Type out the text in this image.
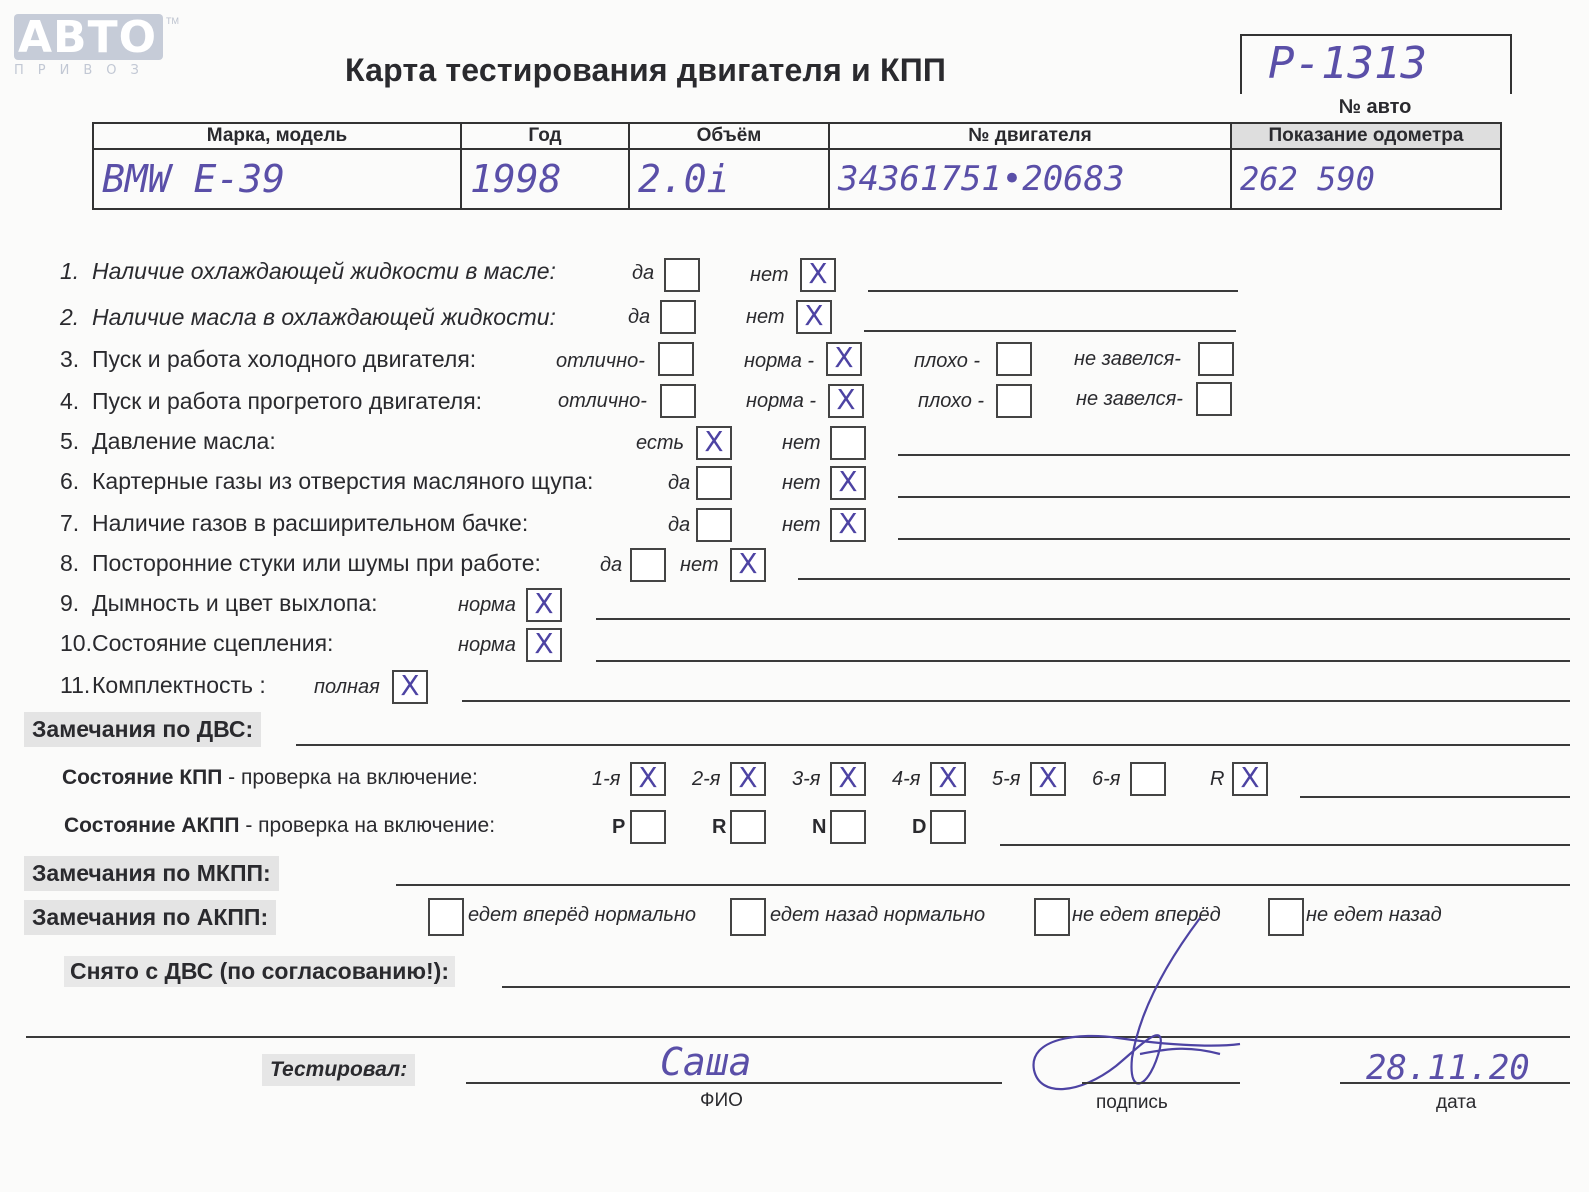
АВТО
ПРИВОЗ
TM
Карта тестирования двигателя и КПП	P-1313
№ авто
Марка, модель	Год	Объём	№ двигателя	Показание одометра
BMW E-39	1998	2.0i	34361751•20683	262 590
1. Наличие охлаждающей жидкости в масле:	да	нет X
2. Наличие масла в охлаждающей жидкости:	да	нет X
3. Пуск и работа холодного двигателя:	отлично-	норма - X	плохо -	не завелся-
4. Пуск и работа прогретого двигателя:	отлично-	норма - X	плохо -	не завелся-
5. Давление масла:	есть X	нет
6. Картерные газы из отверстия масляного щупа:	да	нет X
7. Наличие газов в расширительном бачке:	да	нет X
8. Посторонние стуки или шумы при работе:	да	нет X
9. Дымность и цвет выхлопа:	норма X
10.Состояние сцепления:	норма X
11.Комплектность : полная X
Замечания по ДВС:
Состояние КПП - проверка на включение:	1-я X	2-я X	3-я X	4-я X	5-я X	6-я	R X
Состояние АКПП - проверка на включение:	P	R	N	D
Замечания по МКПП:
Замечания по АКПП:	едет вперёд нормально	едет назад нормально	не едет вперёд	не едет назад
Снято с ДВС (по согласованию!):
Тестировал:	Саша
ФИО	подпись
28.11.20
дата
